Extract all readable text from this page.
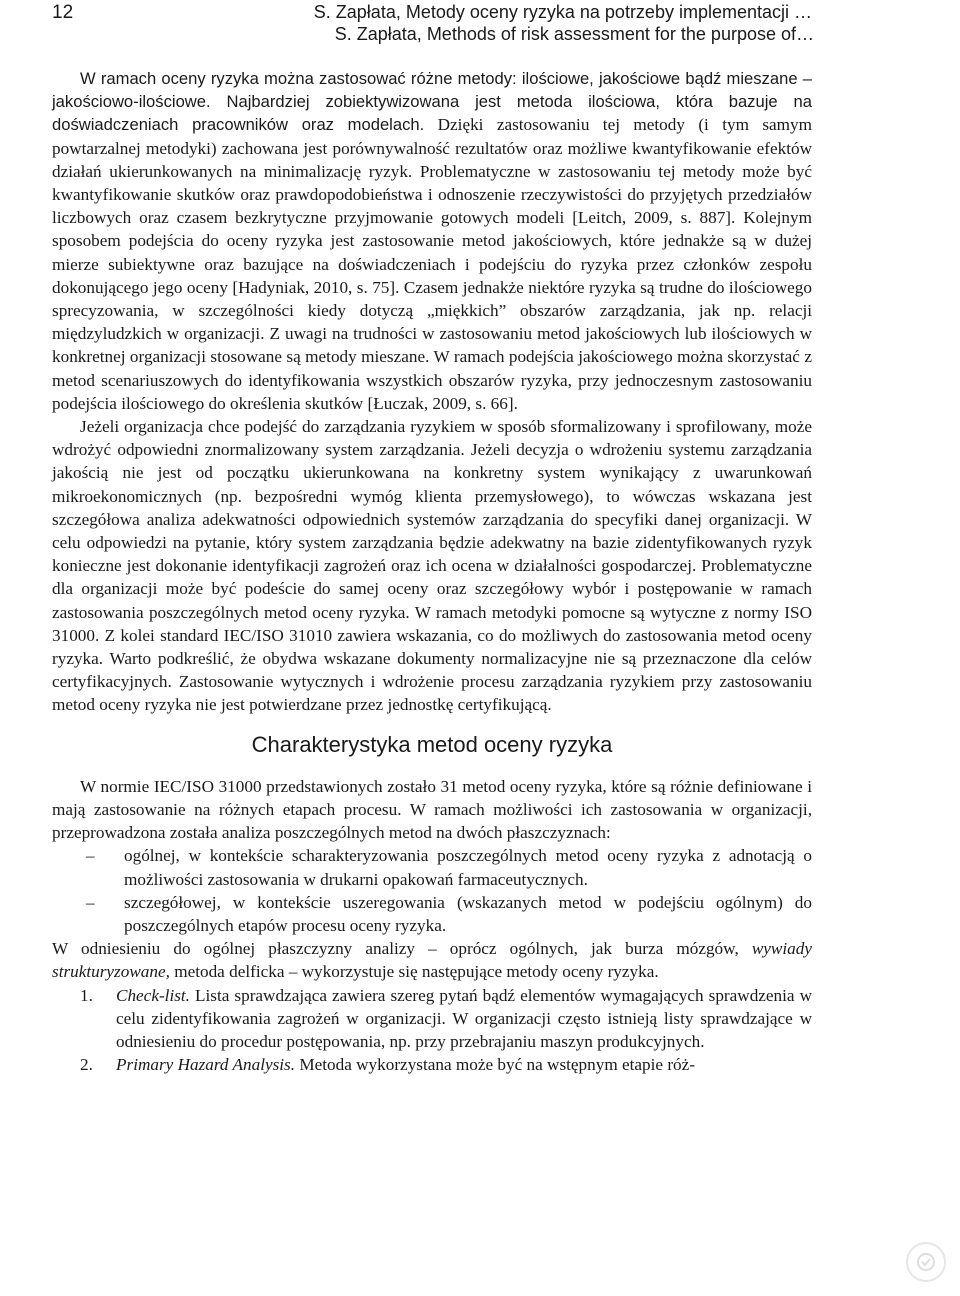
12	S. Zapłata, Metody oceny ryzyka na potrzeby implementacji …
S. Zapłata, Methods of risk assessment for the purpose of…

W ramach oceny ryzyka można zastosować różne metody: ilościowe, jakościowe bądź mieszane – jakościowo-ilościowe. Najbardziej zobiektywizowana jest metoda ilościowa, która bazuje na doświadczeniach pracowników oraz modelach. Dzięki zastosowaniu tej metody (i tym samym powtarzalnej metodyki) zachowana jest porównywalność rezultatów oraz możliwe kwantyfikowanie efektów działań ukierunkowanych na minimalizację ryzyk. Problematyczne w zastosowaniu tej metody może być kwantyfikowanie skutków oraz prawdopodobieństwa i odnoszenie rzeczywistości do przyjętych przedziałów liczbowych oraz czasem bezkrytyczne przyjmowanie gotowych modeli [Leitch, 2009, s. 887]. Kolejnym sposobem podejścia do oceny ryzyka jest zastosowanie metod jakościowych, które jednakże są w dużej mierze subiektywne oraz bazujące na doświadczeniach i podejściu do ryzyka przez członków zespołu dokonującego jego oceny [Hadyniak, 2010, s. 75]. Czasem jednakże niektóre ryzyka są trudne do ilościowego sprecyzowania, w szczególności kiedy dotyczą „miękkich” obszarów zarządzania, jak np. relacji międzyludzkich w organizacji. Z uwagi na trudności w zastosowaniu metod jakościowych lub ilościowych w konkretnej organizacji stosowane są metody mieszane. W ramach podejścia jakościowego można skorzystać z metod scenariuszowych do identyfikowania wszystkich obszarów ryzyka, przy jednoczesnym zastosowaniu podejścia ilościowego do określenia skutków [Łuczak, 2009, s. 66].

Jeżeli organizacja chce podejść do zarządzania ryzykiem w sposób sformalizowany i sprofilowany, może wdrożyć odpowiedni znormalizowany system zarządzania. Jeżeli decyzja o wdrożeniu systemu zarządzania jakością nie jest od początku ukierunkowana na konkretny system wynikający z uwarunkowań mikroekonomicznych (np. bezpośredni wymóg klienta przemysłowego), to wówczas wskazana jest szczegółowa analiza adekwatności odpowiednich systemów zarządzania do specyfiki danej organizacji. W celu odpowiedzi na pytanie, który system zarządzania będzie adekwatny na bazie zidentyfikowanych ryzyk konieczne jest dokonanie identyfikacji zagrożeń oraz ich ocena w działalności gospodarczej. Problematyczne dla organizacji może być podeście do samej oceny oraz szczegółowy wybór i postępowanie w ramach zastosowania poszczególnych metod oceny ryzyka. W ramach metodyki pomocne są wytyczne z normy ISO 31000. Z kolei standard IEC/ISO 31010 zawiera wskazania, co do możliwych do zastosowania metod oceny ryzyka. Warto podkreślić, że obydwa wskazane dokumenty normalizacyjne nie są przeznaczone dla celów certyfikacyjnych. Zastosowanie wytycznych i wdrożenie procesu zarządzania ryzykiem przy zastosowaniu metod oceny ryzyka nie jest potwierdzane przez jednostkę certyfikującą.

Charakterystyka metod oceny ryzyka

W normie IEC/ISO 31000 przedstawionych zostało 31 metod oceny ryzyka, które są różnie definiowane i mają zastosowanie na różnych etapach procesu. W ramach możliwości ich zastosowania w organizacji, przeprowadzona została analiza poszczególnych metod na dwóch płaszczyznach:

– ogólnej, w kontekście scharakteryzowania poszczególnych metod oceny ryzyka z adnotacją o możliwości zastosowania w drukarni opakowań farmaceutycznych.
– szczegółowej, w kontekście uszeregowania (wskazanych metod w podejściu ogólnym) do poszczególnych etapów procesu oceny ryzyka.

W odniesieniu do ogólnej płaszczyzny analizy – oprócz ogólnych, jak burza mózgów, wywiady strukturyzowane, metoda delficka – wykorzystuje się następujące metody oceny ryzyka.

1. Check-list. Lista sprawdzająca zawiera szereg pytań bądź elementów wymagających sprawdzenia w celu zidentyfikowania zagrożeń w organizacji. W organizacji często istnieją listy sprawdzające w odniesieniu do procedur postępowania, np. przy przebrajaniu maszyn produkcyjnych.
2. Primary Hazard Analysis. Metoda wykorzystana może być na wstępnym etapie róż-
